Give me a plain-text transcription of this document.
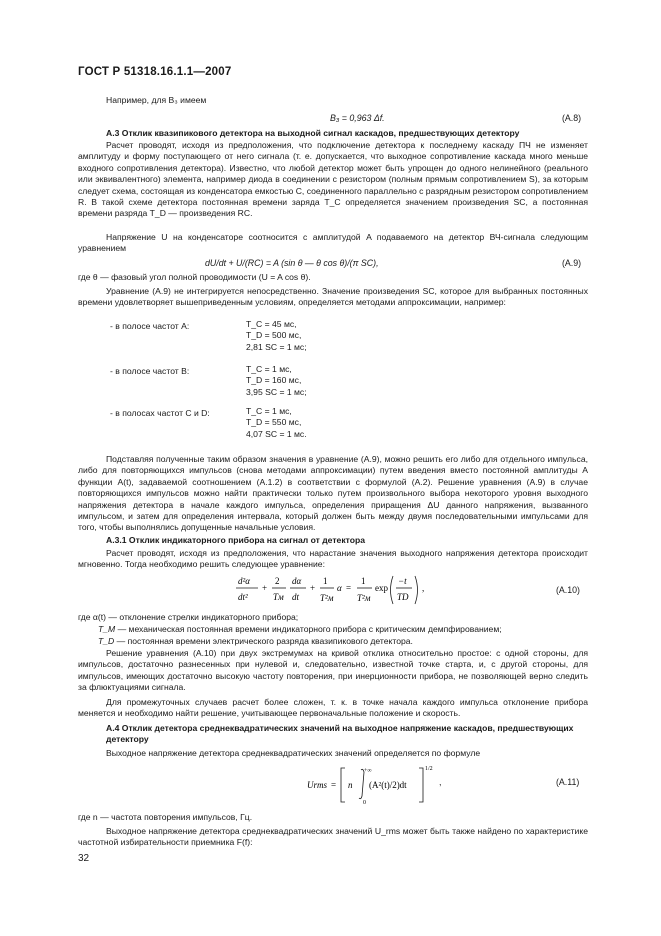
ГОСТ Р 51318.16.1.1—2007

Например, для B₃ имеем

B₃ = 0,963 Δf.	(A.8)

А.3 Отклик квазипикового детектора на выходной сигнал каскадов, предшествующих детектору

Расчет проводят, исходя из предположения, что подключение детектора к последнему каскаду ПЧ не изменяет амплитуду и форму поступающего от него сигнала (т. е. допускается, что выходное сопротивление каскада много меньше входного сопротивления детектора). Известно, что любой детектор может быть упрощен до одного нелинейного (реального или эквивалентного) элемента, например диода в соединении с резистором (полным прямым сопротивлением S), за которым следует схема, состоящая из конденсатора емкостью C, соединенного параллельно с разрядным резистором сопротивлением R. В такой схеме детектора постоянная времени заряда T_C определяется значением произведения SC, а постоянная времени разряда T_D — произведения RC.

Напряжение U на конденсаторе соотносится с амплитудой A подаваемого на детектор ВЧ-сигнала следующим уравнением

dU/dt + U/(RC) = A (sin θ — θ cos θ)/(π SC),	(A.9)

где θ — фазовый угол полной проводимости (U = A cos θ).

Уравнение (А.9) не интегрируется непосредственно. Значение произведения SC, которое для выбранных постоянных времени удовлетворяет вышеприведенным условиям, определяется методами аппроксимации, например:

- в полосе частот A:	T_C = 45 мс,
T_D = 500 мс,
2,81 SC = 1 мс;
- в полосе частот B:	T_C = 1 мс,
T_D = 160 мс,
3,95 SC = 1 мс;
- в полосах частот C и D:	T_C = 1 мс,
T_D = 550 мс,
4,07 SC = 1 мс.

Подставляя полученные таким образом значения в уравнение (А.9), можно решить его либо для отдельного импульса, либо для повторяющихся импульсов (снова методами аппроксимации) путем введения вместо постоянной амплитуды A функции A(t), задаваемой соотношением (А.1.2) в соответствии с формулой (А.2). Решение уравнения (А.9) в случае повторяющихся импульсов можно найти практически только путем произвольного выбора некоторого уровня выходного напряжения детектора в начале каждого импульса, определения приращения ΔU данного напряжения, вызванного импульсом, и затем для определения интервала, который должен быть между двумя последовательными импульсами для того, чтобы выполнялись допущенные начальные условия.

А.3.1 Отклик индикаторного прибора на сигнал от детектора

Расчет проводят, исходя из предположения, что нарастание значения выходного напряжения детектора происходит мгновенно. Тогда необходимо решить следующее уравнение:

d²α
dt²
+
2
Tм
dα
dt
+
1
T²м
α =
1
T²м
exp
−t
TD
,	(A.10)
где α(t) — отклонение стрелки индикаторного прибора;
T_M — механическая постоянная времени индикаторного прибора с критическим демпфированием;
T_D — постоянная времени электрического разряда квазипикового детектора.

Решение уравнения (А.10) при двух экстремумах на кривой отклика относительно простое: с одной стороны, для импульсов, достаточно разнесенных при нулевой и, следовательно, известной точке старта, и, с другой стороны, для импульсов, имеющих достаточно высокую частоту повторения, при инерционности прибора, не позволяющей верно следить за флюктуациями сигнала.

Для промежуточных случаев расчет более сложен, т. к. в точке начала каждого импульса отклонение прибора меняется и необходимо найти решение, учитывающее первоначальные положение и скорость.

А.4 Отклик детектора среднеквадратических значений на выходное напряжение каскадов, предшествующих детектору

Выходное напряжение детектора среднеквадратических значений определяется по формуле

Urms = n
+∞
0
(A²(t)/2)dt
1/2
(A.11)
,

где n — частота повторения импульсов, Гц.

Выходное напряжение детектора среднеквадратических значений U_rms может быть также найдено по характеристике частотной избирательности приемника F(f):

32
